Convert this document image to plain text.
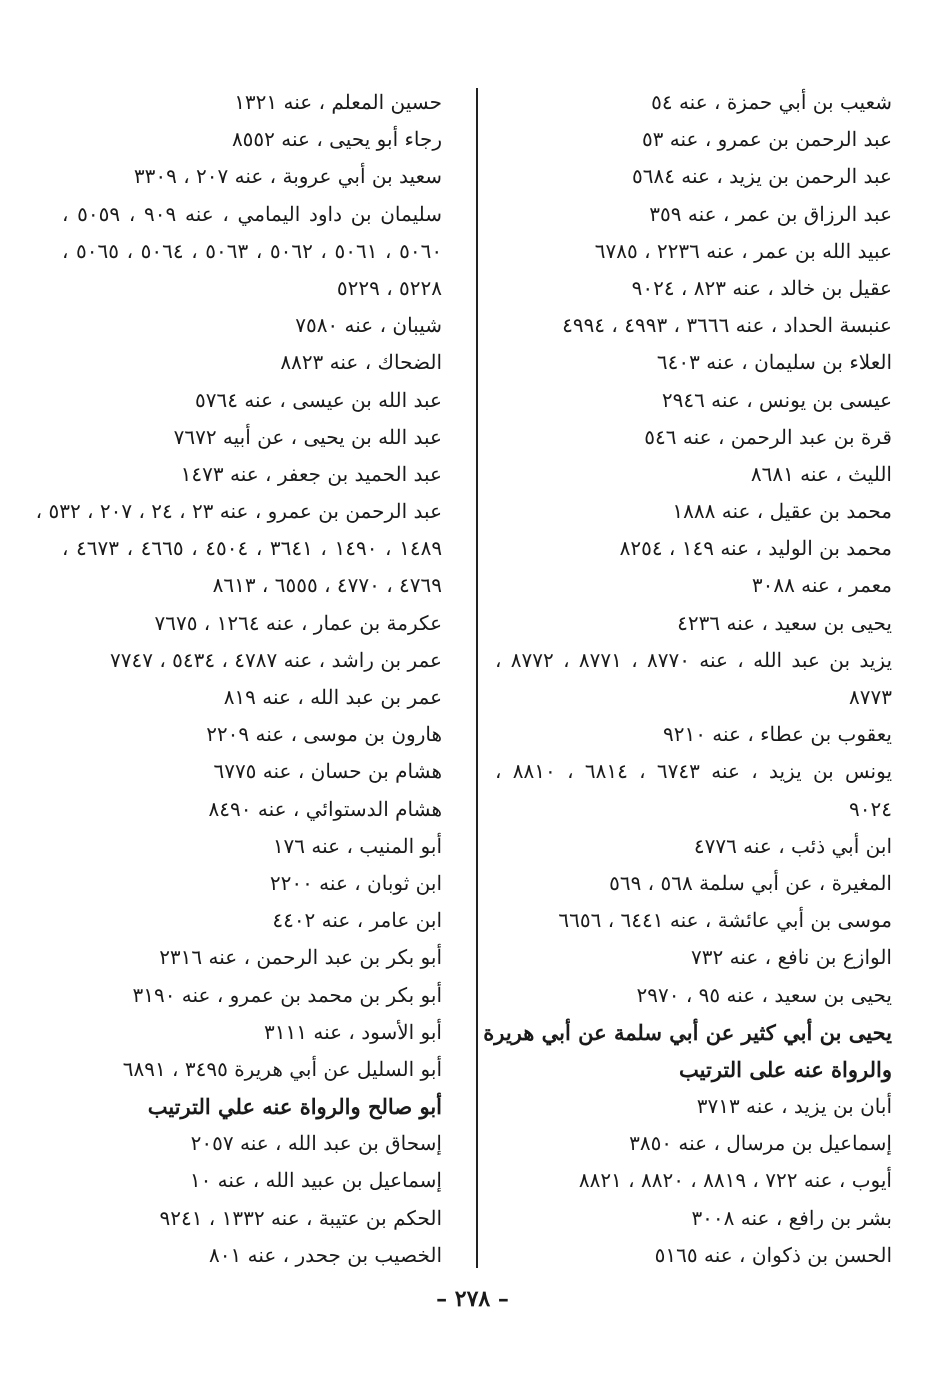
شعيب بن أبي حمزة ، عنه ٥٤
عبد الرحمن بن عمرو ، عنه ٥٣
عبد الرحمن بن يزيد ، عنه ٥٦٨٤
عبد الرزاق بن عمر ، عنه ٣٥٩
عبيد الله بن عمر ، عنه ٢٢٣٦ ، ٦٧٨٥
عقيل بن خالد ، عنه ٨٢٣ ، ٩٠٢٤
عنبسة الحداد ، عنه ٣٦٦٦ ، ٤٩٩٣ ، ٤٩٩٤
العلاء بن سليمان ، عنه ٦٤٠٣
عيسى بن يونس ، عنه ٢٩٤٦
قرة بن عبد الرحمن ، عنه ٥٤٦
الليث ، عنه ٨٦٨١
محمد بن عقيل ، عنه ١٨٨٨
محمد بن الوليد ، عنه ١٤٩ ، ٨٢٥٤
معمر ، عنه ٣٠٨٨
يحيى بن سعيد ، عنه ٤٢٣٦
يزيد بن عبد الله ، عنه ٨٧٧٠ ، ٨٧٧١ ، ٨٧٧٢ ،
٨٧٧٣
يعقوب بن عطاء ، عنه ٩٢١٠
يونس بن يزيد ، عنه ٦٧٤٣ ، ٦٨١٤ ، ٨٨١٠ ،
٩٠٢٤
ابن أبي ذئب ، عنه ٤٧٧٦
المغيرة ، عن أبي سلمة ٥٦٨ ، ٥٦٩
موسى بن أبي عائشة ، عنه ٦٤٤١ ، ٦٦٥٦
الوازع بن نافع ، عنه ٧٣٢
يحيى بن سعيد ، عنه ٩٥ ، ٢٩٧٠
يحيى بن أبي كثير عن أبي سلمة عن أبي هريرة
والرواة عنه على الترتيب
أبان بن يزيد ، عنه ٣٧١٣
إسماعيل بن مرسال ، عنه ٣٨٥٠
أيوب ، عنه ٧٢٢ ، ٨٨١٩ ، ٨٨٢٠ ، ٨٨٢١
بشر بن رافع ، عنه ٣٠٠٨
الحسن بن ذكوان ، عنه ٥١٦٥
حسين المعلم ، عنه ١٣٢١
رجاء أبو يحيى ، عنه ٨٥٥٢
سعيد بن أبي عروبة ، عنه ٢٠٧ ، ٣٣٠٩
سليمان بن داود اليمامي ، عنه ٩٠٩ ، ٥٠٥٩ ،
٥٠٦٠ ، ٥٠٦١ ، ٥٠٦٢ ، ٥٠٦٣ ، ٥٠٦٤ ، ٥٠٦٥ ،
٥٢٢٨ ، ٥٢٢٩
شيبان ، عنه ٧٥٨٠
الضحاك ، عنه ٨٨٢٣
عبد الله بن عيسى ، عنه ٥٧٦٤
عبد الله بن يحيى ، عن أبيه ٧٦٧٢
عبد الحميد بن جعفر ، عنه ١٤٧٣
عبد الرحمن بن عمرو ، عنه ٢٣ ، ٢٤ ، ٢٠٧ ، ٥٣٢ ،
١٤٨٩ ، ١٤٩٠ ، ٣٦٤١ ، ٤٥٠٤ ، ٤٦٦٥ ، ٤٦٧٣ ،
٤٧٦٩ ، ٤٧٧٠ ، ٦٥٥٥ ، ٨٦١٣
عكرمة بن عمار ، عنه ١٢٦٤ ، ٧٦٧٥
عمر بن راشد ، عنه ٤٧٨٧ ، ٥٤٣٤ ، ٧٧٤٧
عمر بن عبد الله ، عنه ٨١٩
هارون بن موسى ، عنه ٢٢٠٩
هشام بن حسان ، عنه ٦٧٧٥
هشام الدستوائي ، عنه ٨٤٩٠
أبو المنيب ، عنه ١٧٦
ابن ثوبان ، عنه ٢٢٠٠
ابن عامر ، عنه ٤٤٠٢
أبو بكر بن عبد الرحمن ، عنه ٢٣١٦
أبو بكر بن محمد بن عمرو ، عنه ٣١٩٠
أبو الأسود ، عنه ٣١١١
أبو السليل عن أبي هريرة ٣٤٩٥ ، ٦٨٩١
أبو صالح والرواة عنه علي الترتيب
إسحاق بن عبد الله ، عنه ٢٠٥٧
إسماعيل بن عبيد الله ، عنه ١٠
الحكم بن عتيبة ، عنه ١٣٣٢ ، ٩٢٤١
الخصيب بن جحدر ، عنه ٨٠١
– ٢٧٨ –
